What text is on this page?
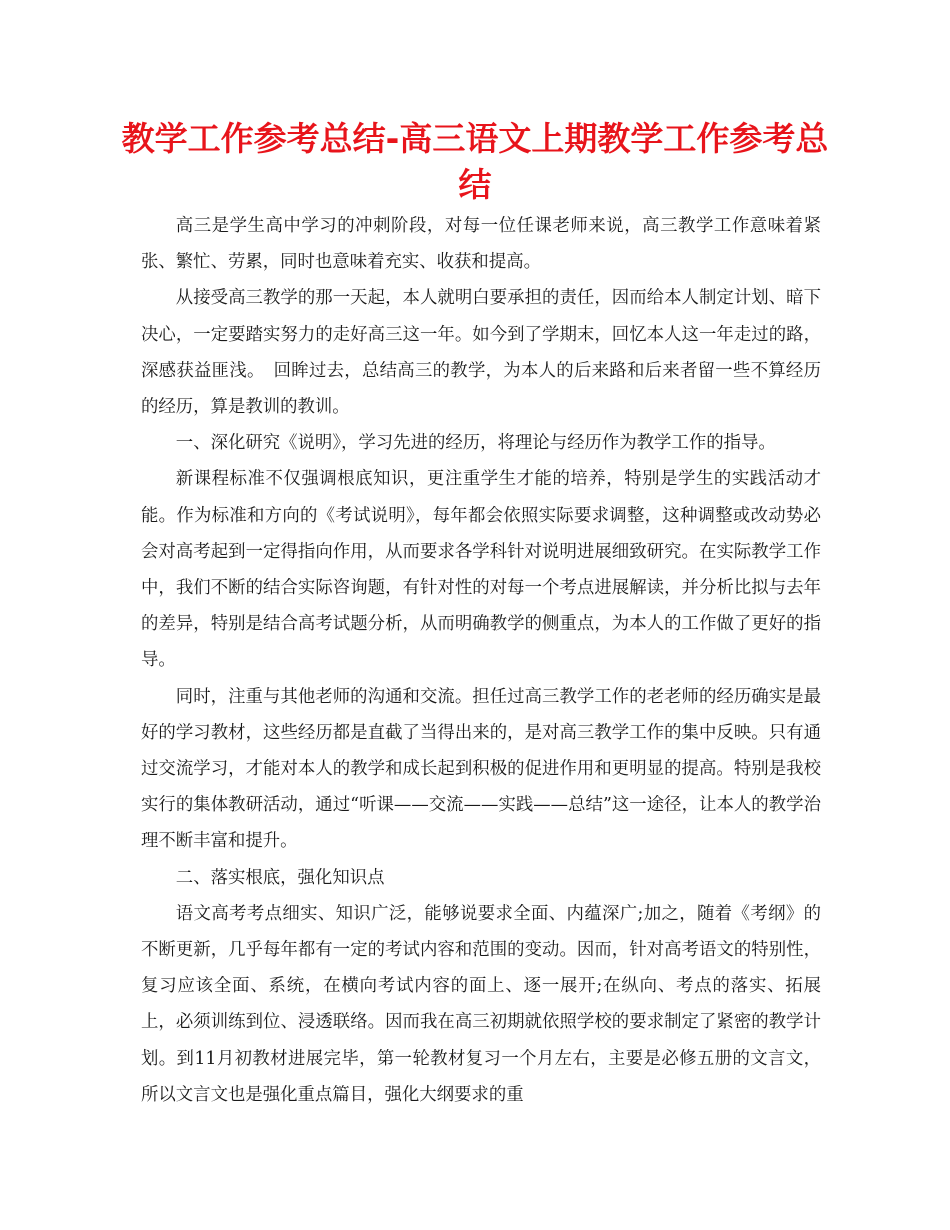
教学工作参考总结-高三语文上期教学工作参考总结

高三是学生高中学习的冲刺阶段，对每一位任课老师来说，高三教学工作意味着紧张、繁忙、劳累，同时也意味着充实、收获和提高。

从接受高三教学的那一天起，本人就明白要承担的责任，因而给本人制定计划、暗下决心，一定要踏实努力的走好高三这一年。如今到了学期末，回忆本人这一年走过的路，深感获益匪浅。　回眸过去，总结高三的教学，为本人的后来路和后来者留一些不算经历的经历，算是教训的教训。

一、深化研究《说明》，学习先进的经历，将理论与经历作为教学工作的指导。

新课程标准不仅强调根底知识，更注重学生才能的培养，特别是学生的实践活动才能。作为标准和方向的《考试说明》，每年都会依照实际要求调整，这种调整或改动势必会对高考起到一定得指向作用，从而要求各学科针对说明进展细致研究。在实际教学工作中，我们不断的结合实际咨询题，有针对性的对每一个考点进展解读，并分析比拟与去年的差异，特别是结合高考试题分析，从而明确教学的侧重点，为本人的工作做了更好的指导。

同时，注重与其他老师的沟通和交流。担任过高三教学工作的老老师的经历确实是最好的学习教材，这些经历都是直截了当得出来的，是对高三教学工作的集中反映。只有通过交流学习，才能对本人的教学和成长起到积极的促进作用和更明显的提高。特别是我校实行的集体教研活动，通过“听课——交流——实践——总结”这一途径，让本人的教学治理不断丰富和提升。

二、落实根底，强化知识点

语文高考考点细实、知识广泛，能够说要求全面、内蕴深广;加之，随着《考纲》的不断更新，几乎每年都有一定的考试内容和范围的变动。因而，针对高考语文的特别性，复习应该全面、系统，在横向考试内容的面上、逐一展开;在纵向、考点的落实、拓展上，必须训练到位、浸透联络。因而我在高三初期就依照学校的要求制定了紧密的教学计划。到11月初教材进展完毕，第一轮教材复习一个月左右，主要是必修五册的文言文，所以文言文也是强化重点篇目，强化大纲要求的重
